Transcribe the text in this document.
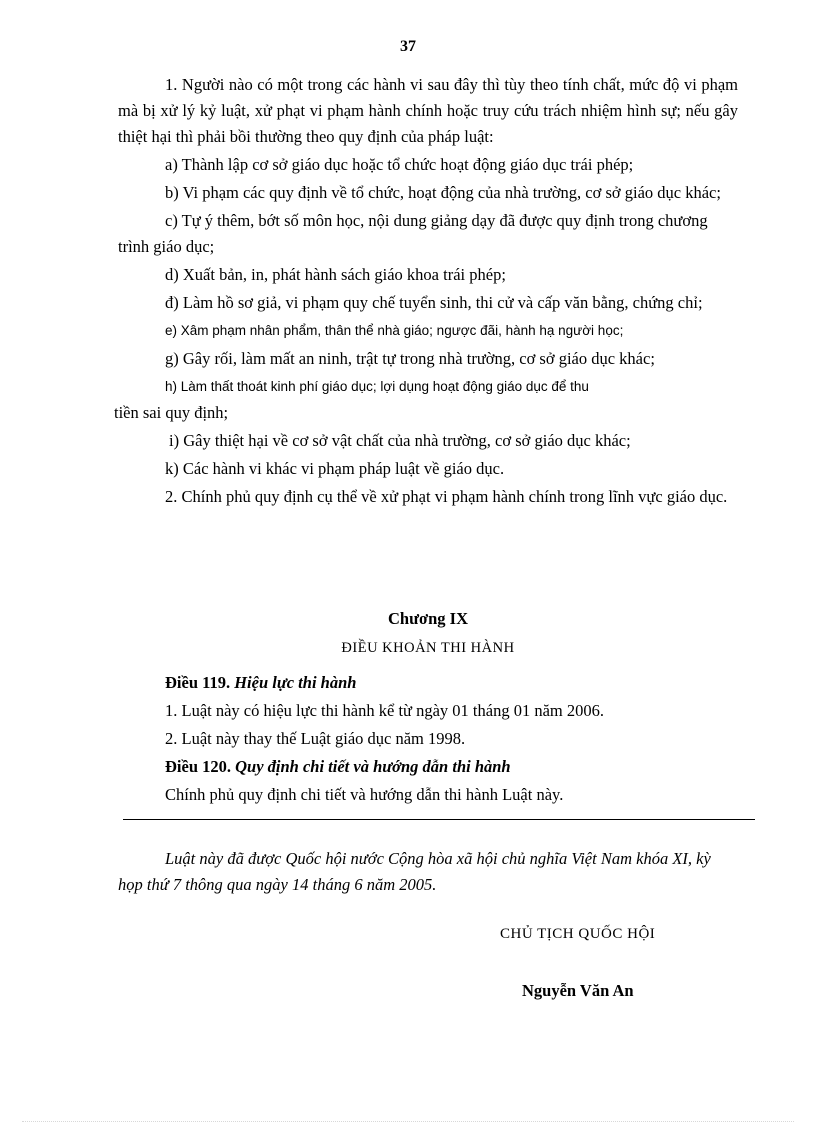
37

1. Người nào có một trong các hành vi sau đây thì tùy theo tính chất, mức độ vi phạm mà bị xử lý kỷ luật, xử phạt vi phạm hành chính hoặc truy cứu trách nhiệm hình sự; nếu gây thiệt hại thì phải bồi thường theo quy định của pháp luật:

a) Thành lập cơ sở giáo dục hoặc tổ chức hoạt động giáo dục trái phép;

b) Vi phạm các quy định về tổ chức, hoạt động của nhà trường, cơ sở giáo dục khác;

c) Tự ý thêm, bớt số môn học, nội dung giảng dạy đã được quy định trong chương trình giáo dục;

d) Xuất bản, in, phát hành sách giáo khoa trái phép;

đ) Làm hồ sơ giả, vi phạm quy chế tuyển sinh, thi cử và cấp văn bằng, chứng chỉ;

e) Xâm phạm nhân phẩm, thân thể nhà giáo; ngược đãi, hành hạ người học;

g) Gây rối, làm mất an ninh, trật tự trong nhà trường, cơ sở giáo dục khác;

h) Làm thất thoát kinh phí giáo dục; lợi dụng hoạt động giáo dục để thu

tiền sai quy định;

i) Gây thiệt hại về cơ sở vật chất của nhà trường, cơ sở giáo dục khác;

k) Các hành vi khác vi phạm pháp luật về giáo dục.

2. Chính phủ quy định cụ thể về xử phạt vi phạm hành chính trong lĩnh vực giáo dục.

Chương IX
ĐIỀU KHOẢN THI HÀNH

Điều 119. Hiệu lực thi hành

1. Luật này có hiệu lực thi hành kể từ ngày 01 tháng 01 năm 2006.

2. Luật này thay thế Luật giáo dục năm 1998.

Điều 120. Quy định chi tiết và hướng dẫn thi hành

Chính phủ quy định chi tiết và hướng dẫn thi hành Luật này.

Luật này đã được Quốc hội nước Cộng hòa xã hội chủ nghĩa Việt Nam khóa XI, kỳ họp thứ 7 thông qua ngày 14 tháng 6 năm 2005.

CHỦ TỊCH QUỐC HỘI
Nguyễn Văn An
